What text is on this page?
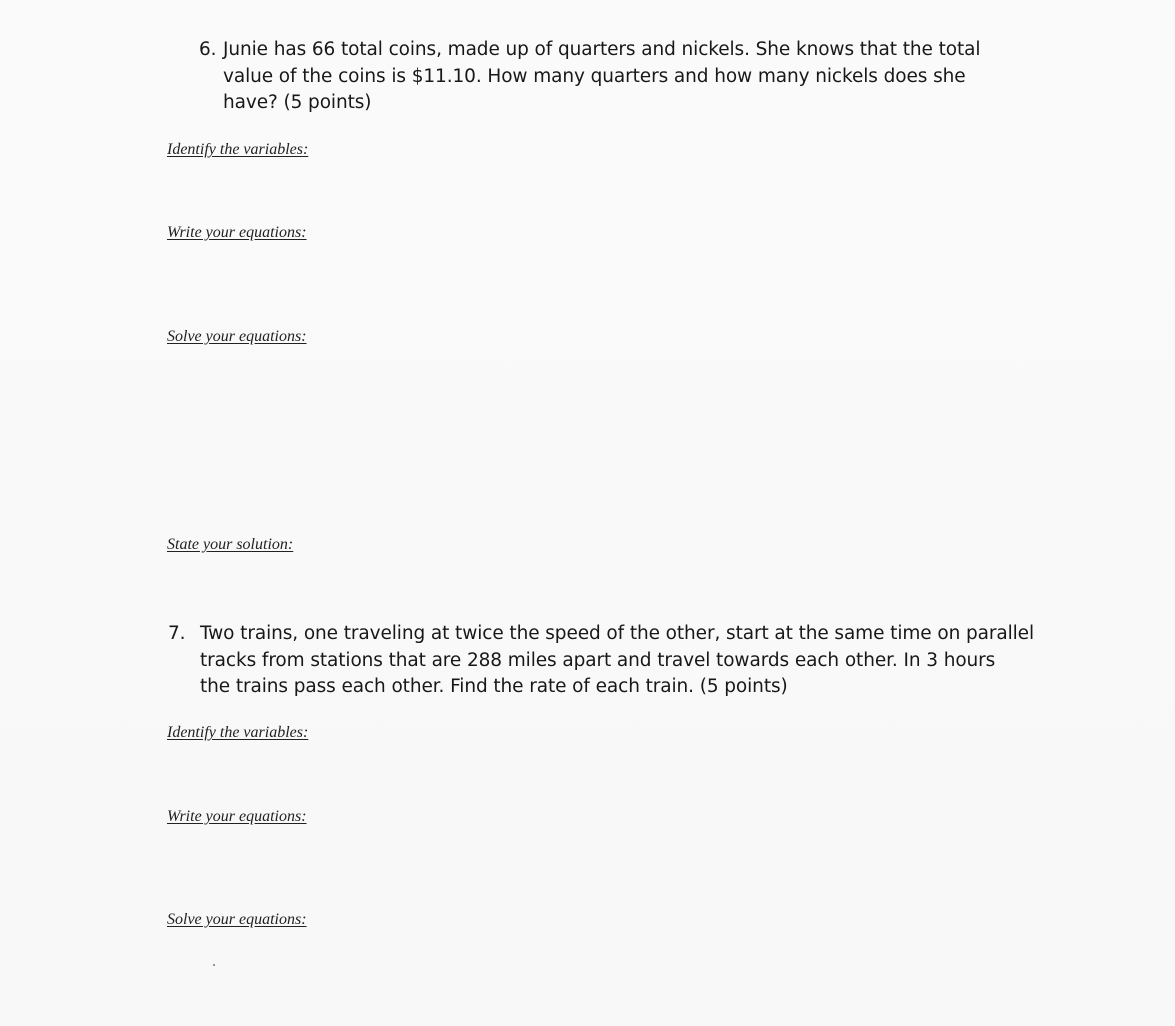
6. Junie has 66 total coins, made up of quarters and nickels. She knows that the total
value of the coins is $11.10. How many quarters and how many nickels does she
have? (5 points)
Identify the variables:
Write your equations:
Solve your equations:
State your solution:
7. Two trains, one traveling at twice the speed of the other, start at the same time on parallel
tracks from stations that are 288 miles apart and travel towards each other. In 3 hours
the trains pass each other. Find the rate of each train. (5 points)
Identify the variables:
Write your equations:
Solve your equations:
